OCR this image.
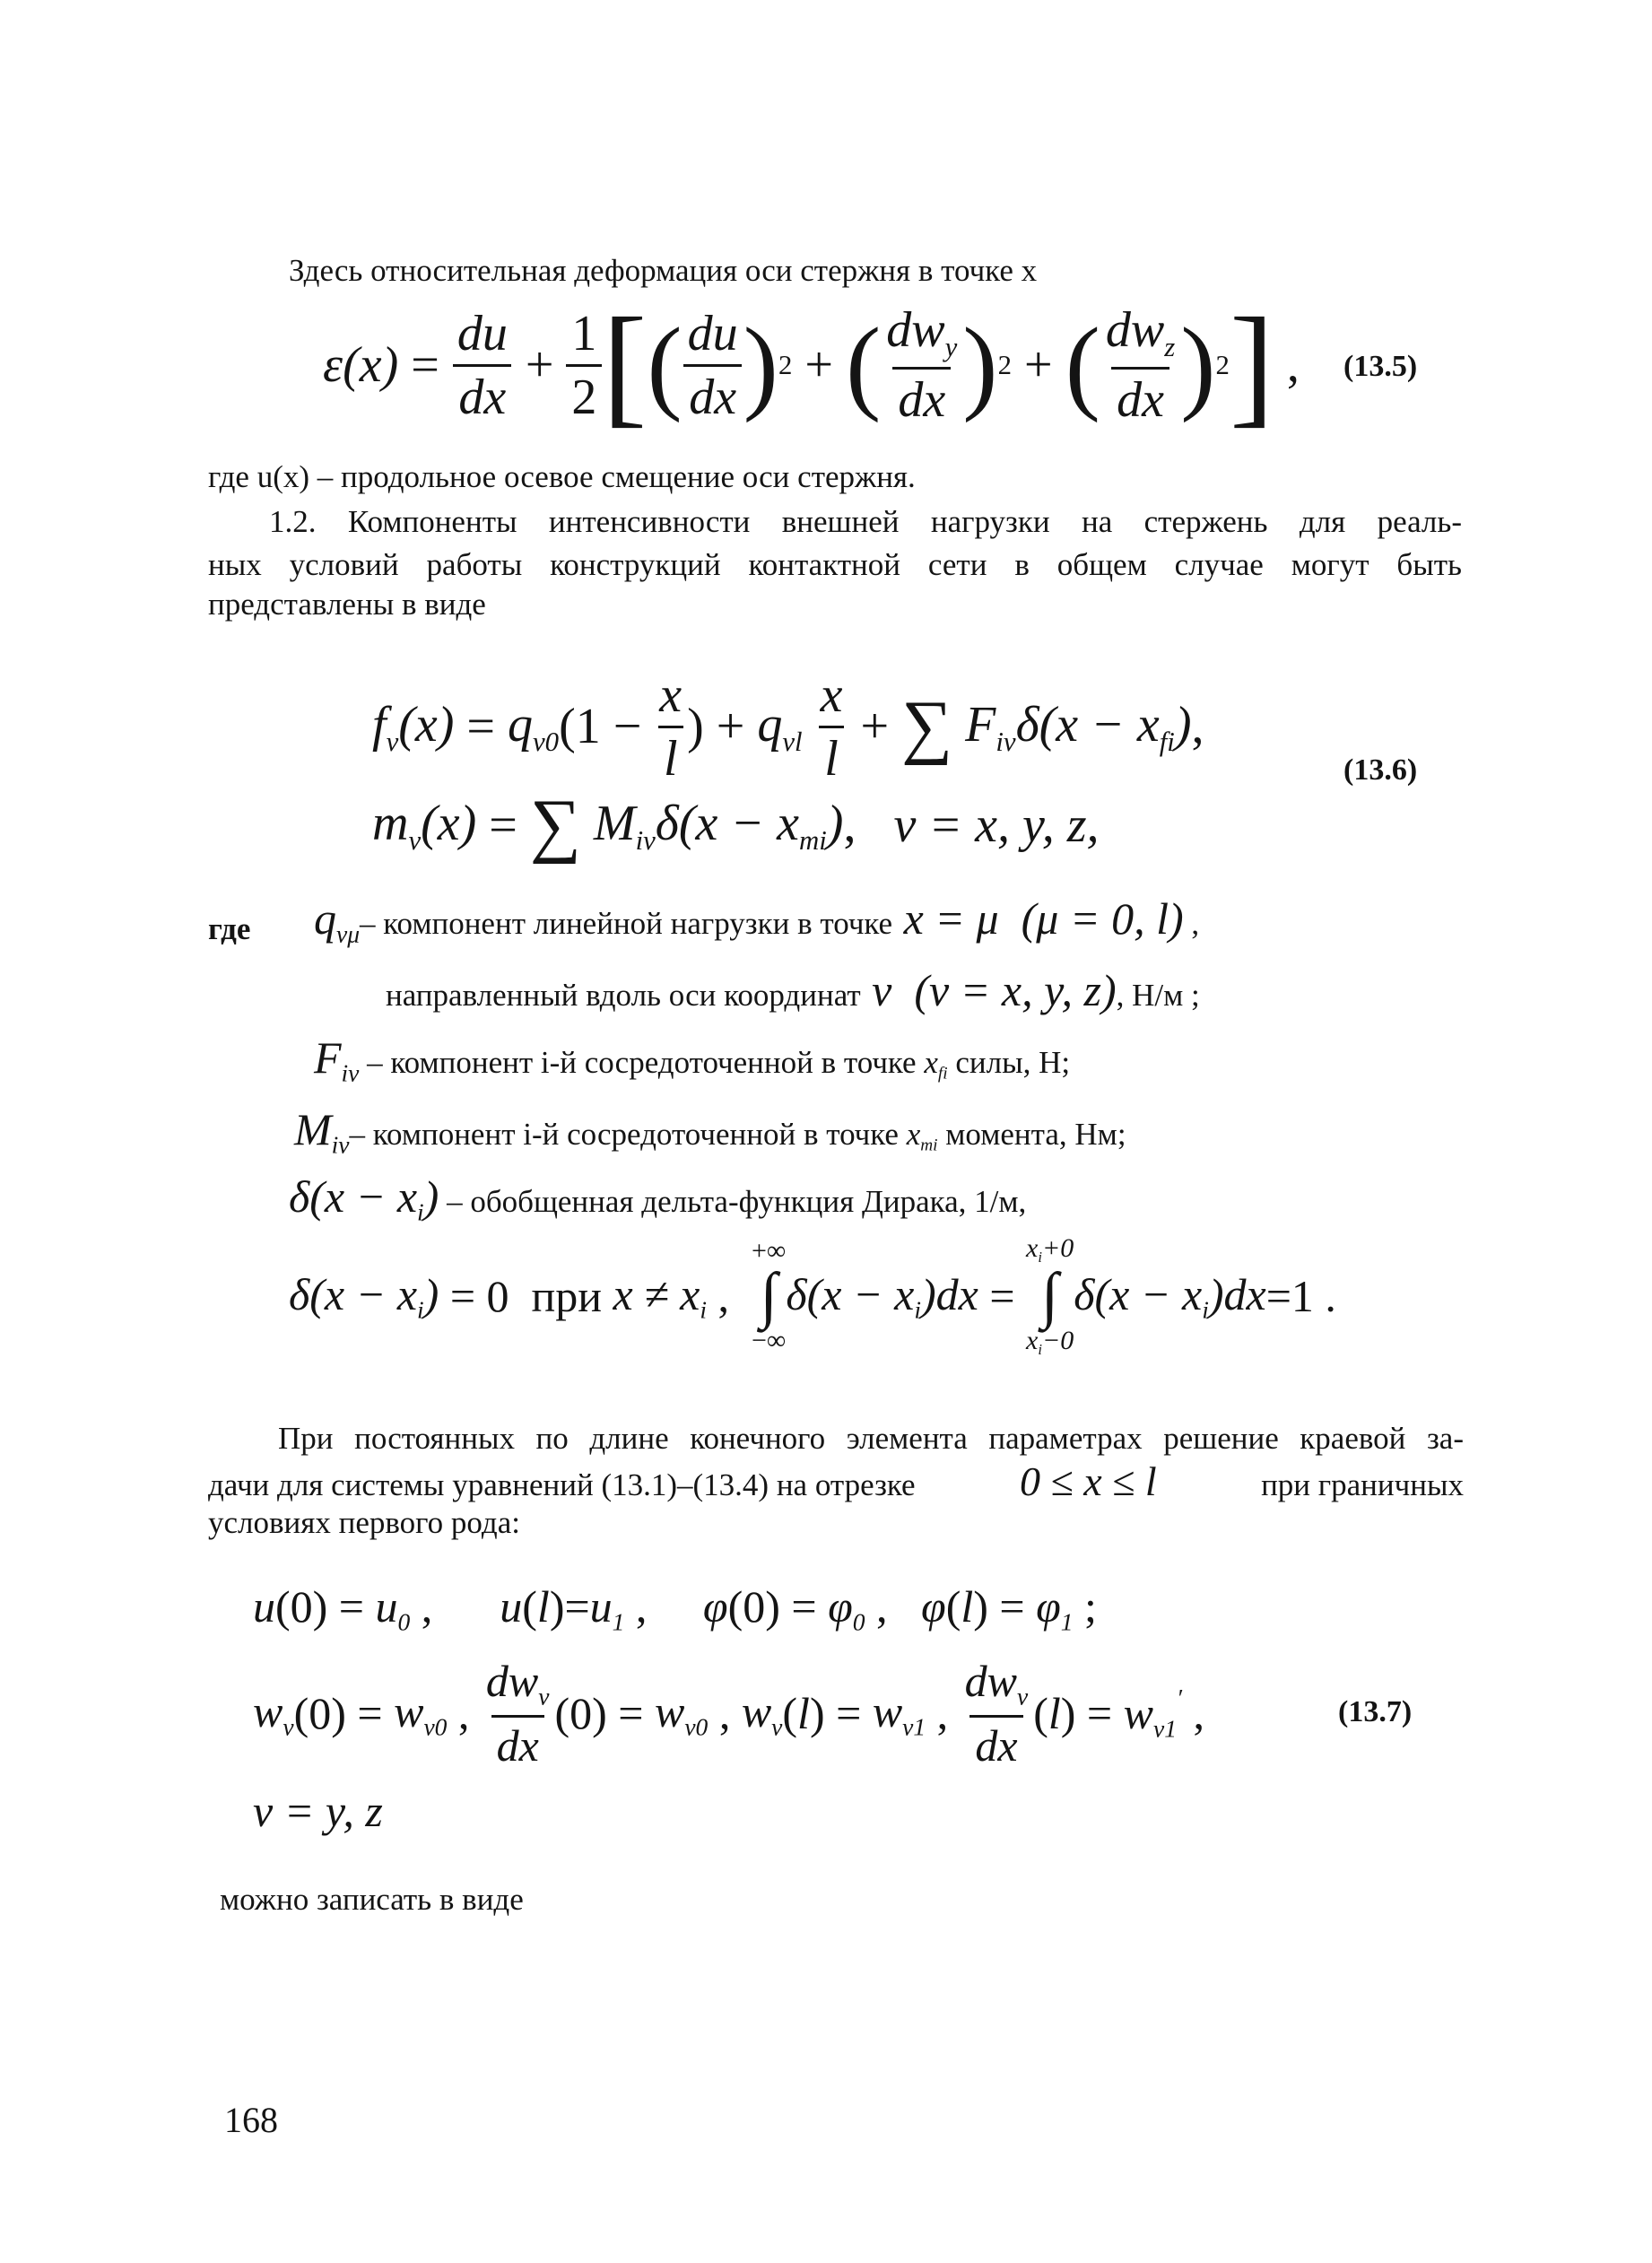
Здесь относительная деформация оси стержня в точке x
$\varepsilon(x) = \frac{du}{dx} + \frac{1}{2}$ [ ( $\frac{du}{dx}$ ) 2 + ( $\frac{dw_y}{dx}$ ) 2 + ( $\frac{dw_z}{dx}$ ) 2 ] , (13.5)
где u(x) – продольное осевое смещение оси стержня.
1.2. Компоненты интенсивности внешней нагрузки на стержень для реаль-
ных условий работы конструкций контактной сети в общем случае могут быть
представлены в виде
$f_\nu(x) = q_{\nu 0}$ ($1 - \frac{x}{l}$ ) + $q_{\nu l}$
$\frac{x}{l}$ + ∑ $F_{i\nu}\delta(x - x_{fi})$ ,
$m_\nu(x)$ = ∑ $M_{i\nu}\delta(x - x_{mi})$ , ν = x, y, z,
(13.6)
где $q_{\nu\mu}$ – компонент линейной нагрузки в точке x = μ  (μ = 0, l) ,
направленный вдоль оси координат ν  (ν = x, y, z) , Н/м ;
$F_{i\nu}$
– компонент i-й сосредоточенной в точке $x_{fi}$ силы, Н;
$M_{i\nu}$ – компонент i-й сосредоточенной в точке $x_{mi}$ момента, Нм;
$\delta(x - x_i)$
– обобщенная дельта-функция Дирака, 1/м,
$\delta(x - x_i) = 0$ при $x \ne x_i$ ,
+∞
∫
−∞
$\delta(x - x_i)dx$ =
$x_i+0$
∫
$x_i-0$
$\delta(x - x_i)dx =1$ .
При постоянных по длине конечного элемента параметрах решение краевой за-
дачи для системы уравнений (13.1)–(13.4) на отрезке	0 ≤ x ≤ l	при граничных
условиях первого рода:
$u(0) = u_0$ ,      $u(l)=u_1$ ,     $\varphi(0) = \varphi_0$ ,   $\varphi(l) = \varphi_1$ ;
$w_\nu$ $(0) = w_{\nu 0}$ , $\frac{dw_\nu}{dx} (0) = w_{\nu 0}$ , $w_\nu$ ( l ) = $w_{\nu 1}$ , $\frac{dw_\nu}{dx}$ ( l ) = $w_{\nu 1}'$ ,	(13.7)
ν = y, z
можно записать в виде
168
